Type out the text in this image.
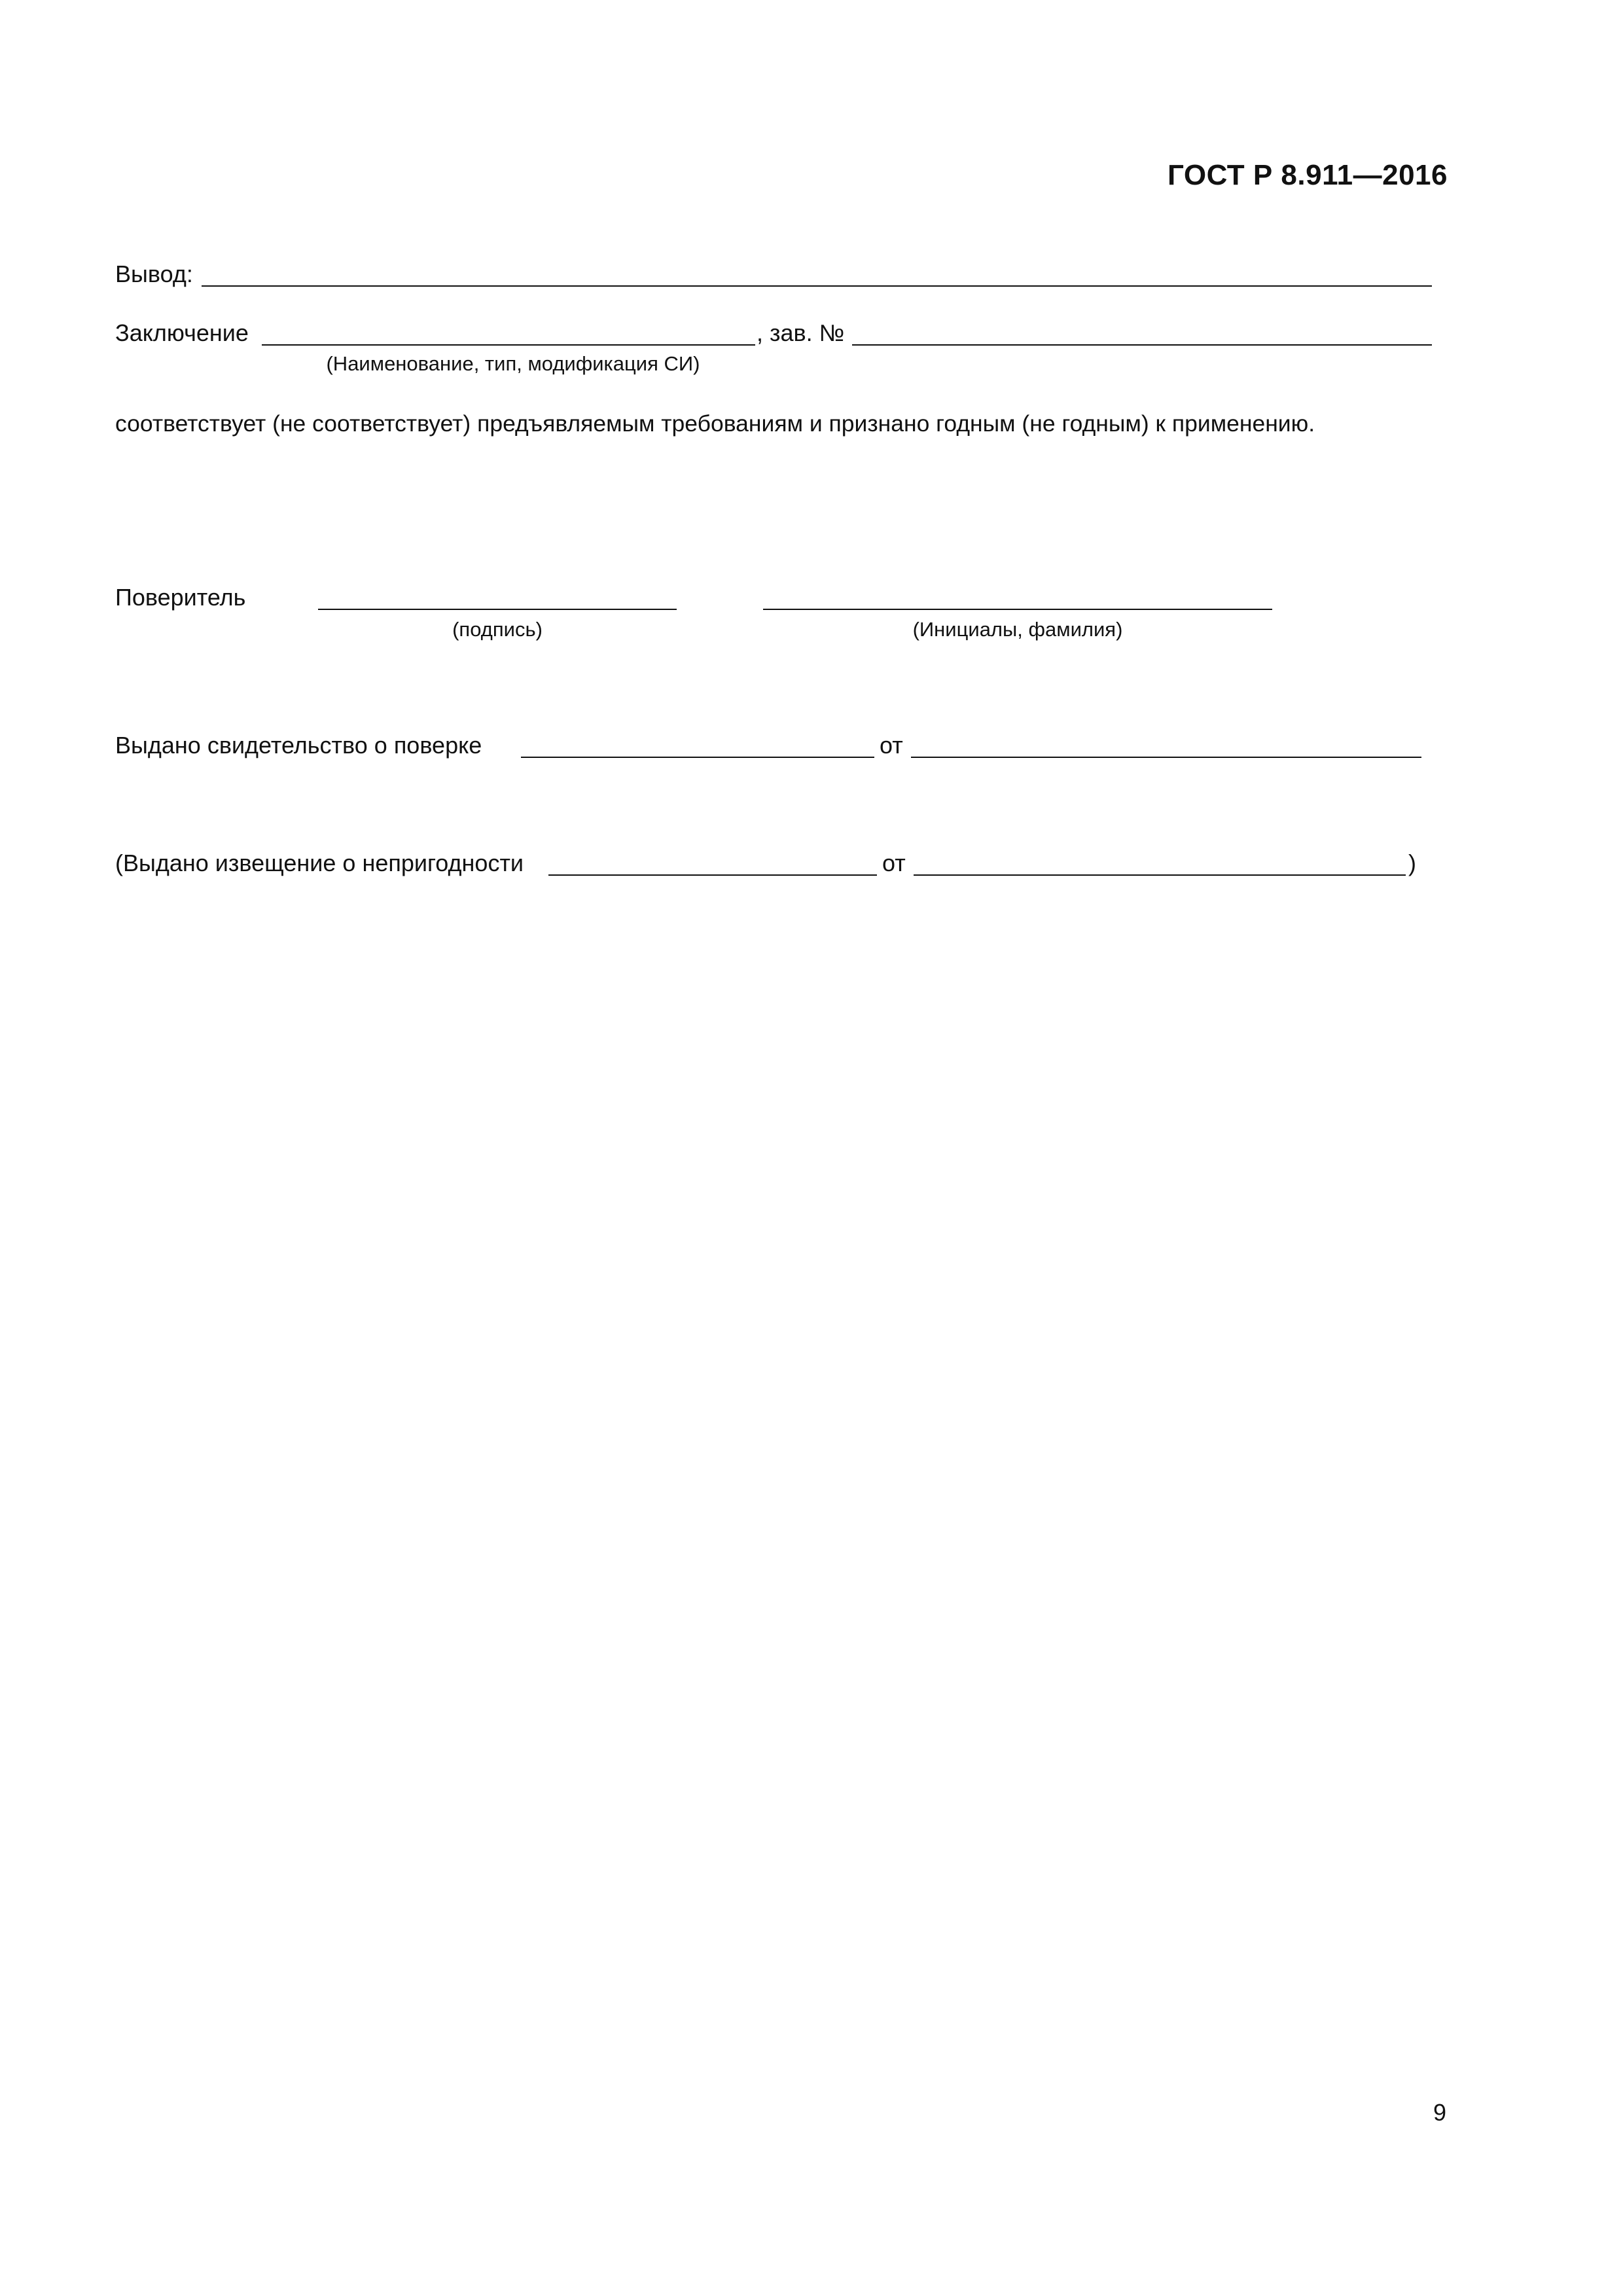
ГОСТ Р 8.911—2016
Вывод:
Заключение	, зав. №
(Наименование, тип, модификация СИ)
соответствует (не соответствует) предъявляемым требованиям и признано годным (не годным) к применению.
Поверитель
(подпись)	(Инициалы, фамилия)
Выдано свидетельство о поверке	от
(Выдано извещение о непригодности	от	)
9
